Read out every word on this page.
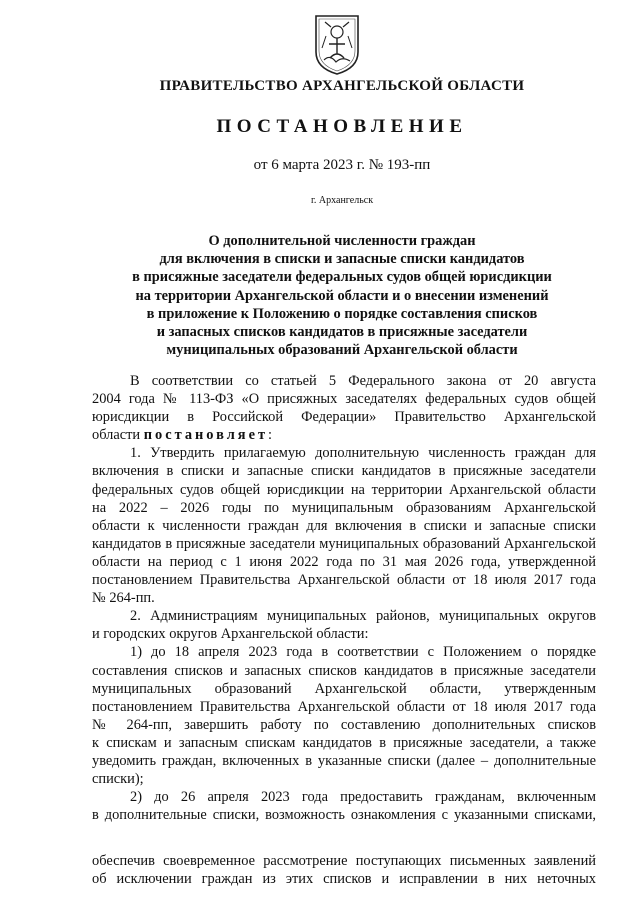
ПРАВИТЕЛЬСТВО АРХАНГЕЛЬСКОЙ ОБЛАСТИ
ПОСТАНОВЛЕНИЕ
от 6 марта 2023 г. № 193-пп
г. Архангельск
О дополнительной численности граждан
для включения в списки и запасные списки кандидатов
в присяжные заседатели федеральных судов общей юрисдикции
на территории Архангельской области и о внесении изменений
в приложение к Положению о порядке составления списков
и запасных списков кандидатов в присяжные заседатели
муниципальных образований Архангельской области
В соответствии со статьей 5 Федерального закона от 20 августа
2004 года № 113-ФЗ «О присяжных заседателях федеральных судов общей
юрисдикции в Российской Федерации» Правительство Архангельской
области постановляет:
1. Утвердить прилагаемую дополнительную численность граждан для
включения в списки и запасные списки кандидатов в присяжные заседатели
федеральных судов общей юрисдикции на территории Архангельской области
на 2022 – 2026 годы по муниципальным образованиям Архангельской
области к численности граждан для включения в списки и запасные списки
кандидатов в присяжные заседатели муниципальных образований Архангельской
области на период с 1 июня 2022 года по 31 мая 2026 года, утвержденной
постановлением Правительства Архангельской области от 18 июля 2017 года
№ 264-пп.
2. Администрациям муниципальных районов, муниципальных округов
и городских округов Архангельской области:
1) до 18 апреля 2023 года в соответствии с Положением о порядке
составления списков и запасных списков кандидатов в присяжные заседатели
муниципальных образований Архангельской области, утвержденным
постановлением Правительства Архангельской области от 18 июля 2017 года
№ 264-пп, завершить работу по составлению дополнительных списков
к спискам и запасным спискам кандидатов в присяжные заседатели, а также
уведомить граждан, включенных в указанные списки (далее – дополнительные
списки);
2) до 26 апреля 2023 года предоставить гражданам, включенным
в дополнительные списки, возможность ознакомления с указанными списками,
обеспечив своевременное рассмотрение поступающих письменных заявлений
об исключении граждан из этих списков и исправлении в них неточных
